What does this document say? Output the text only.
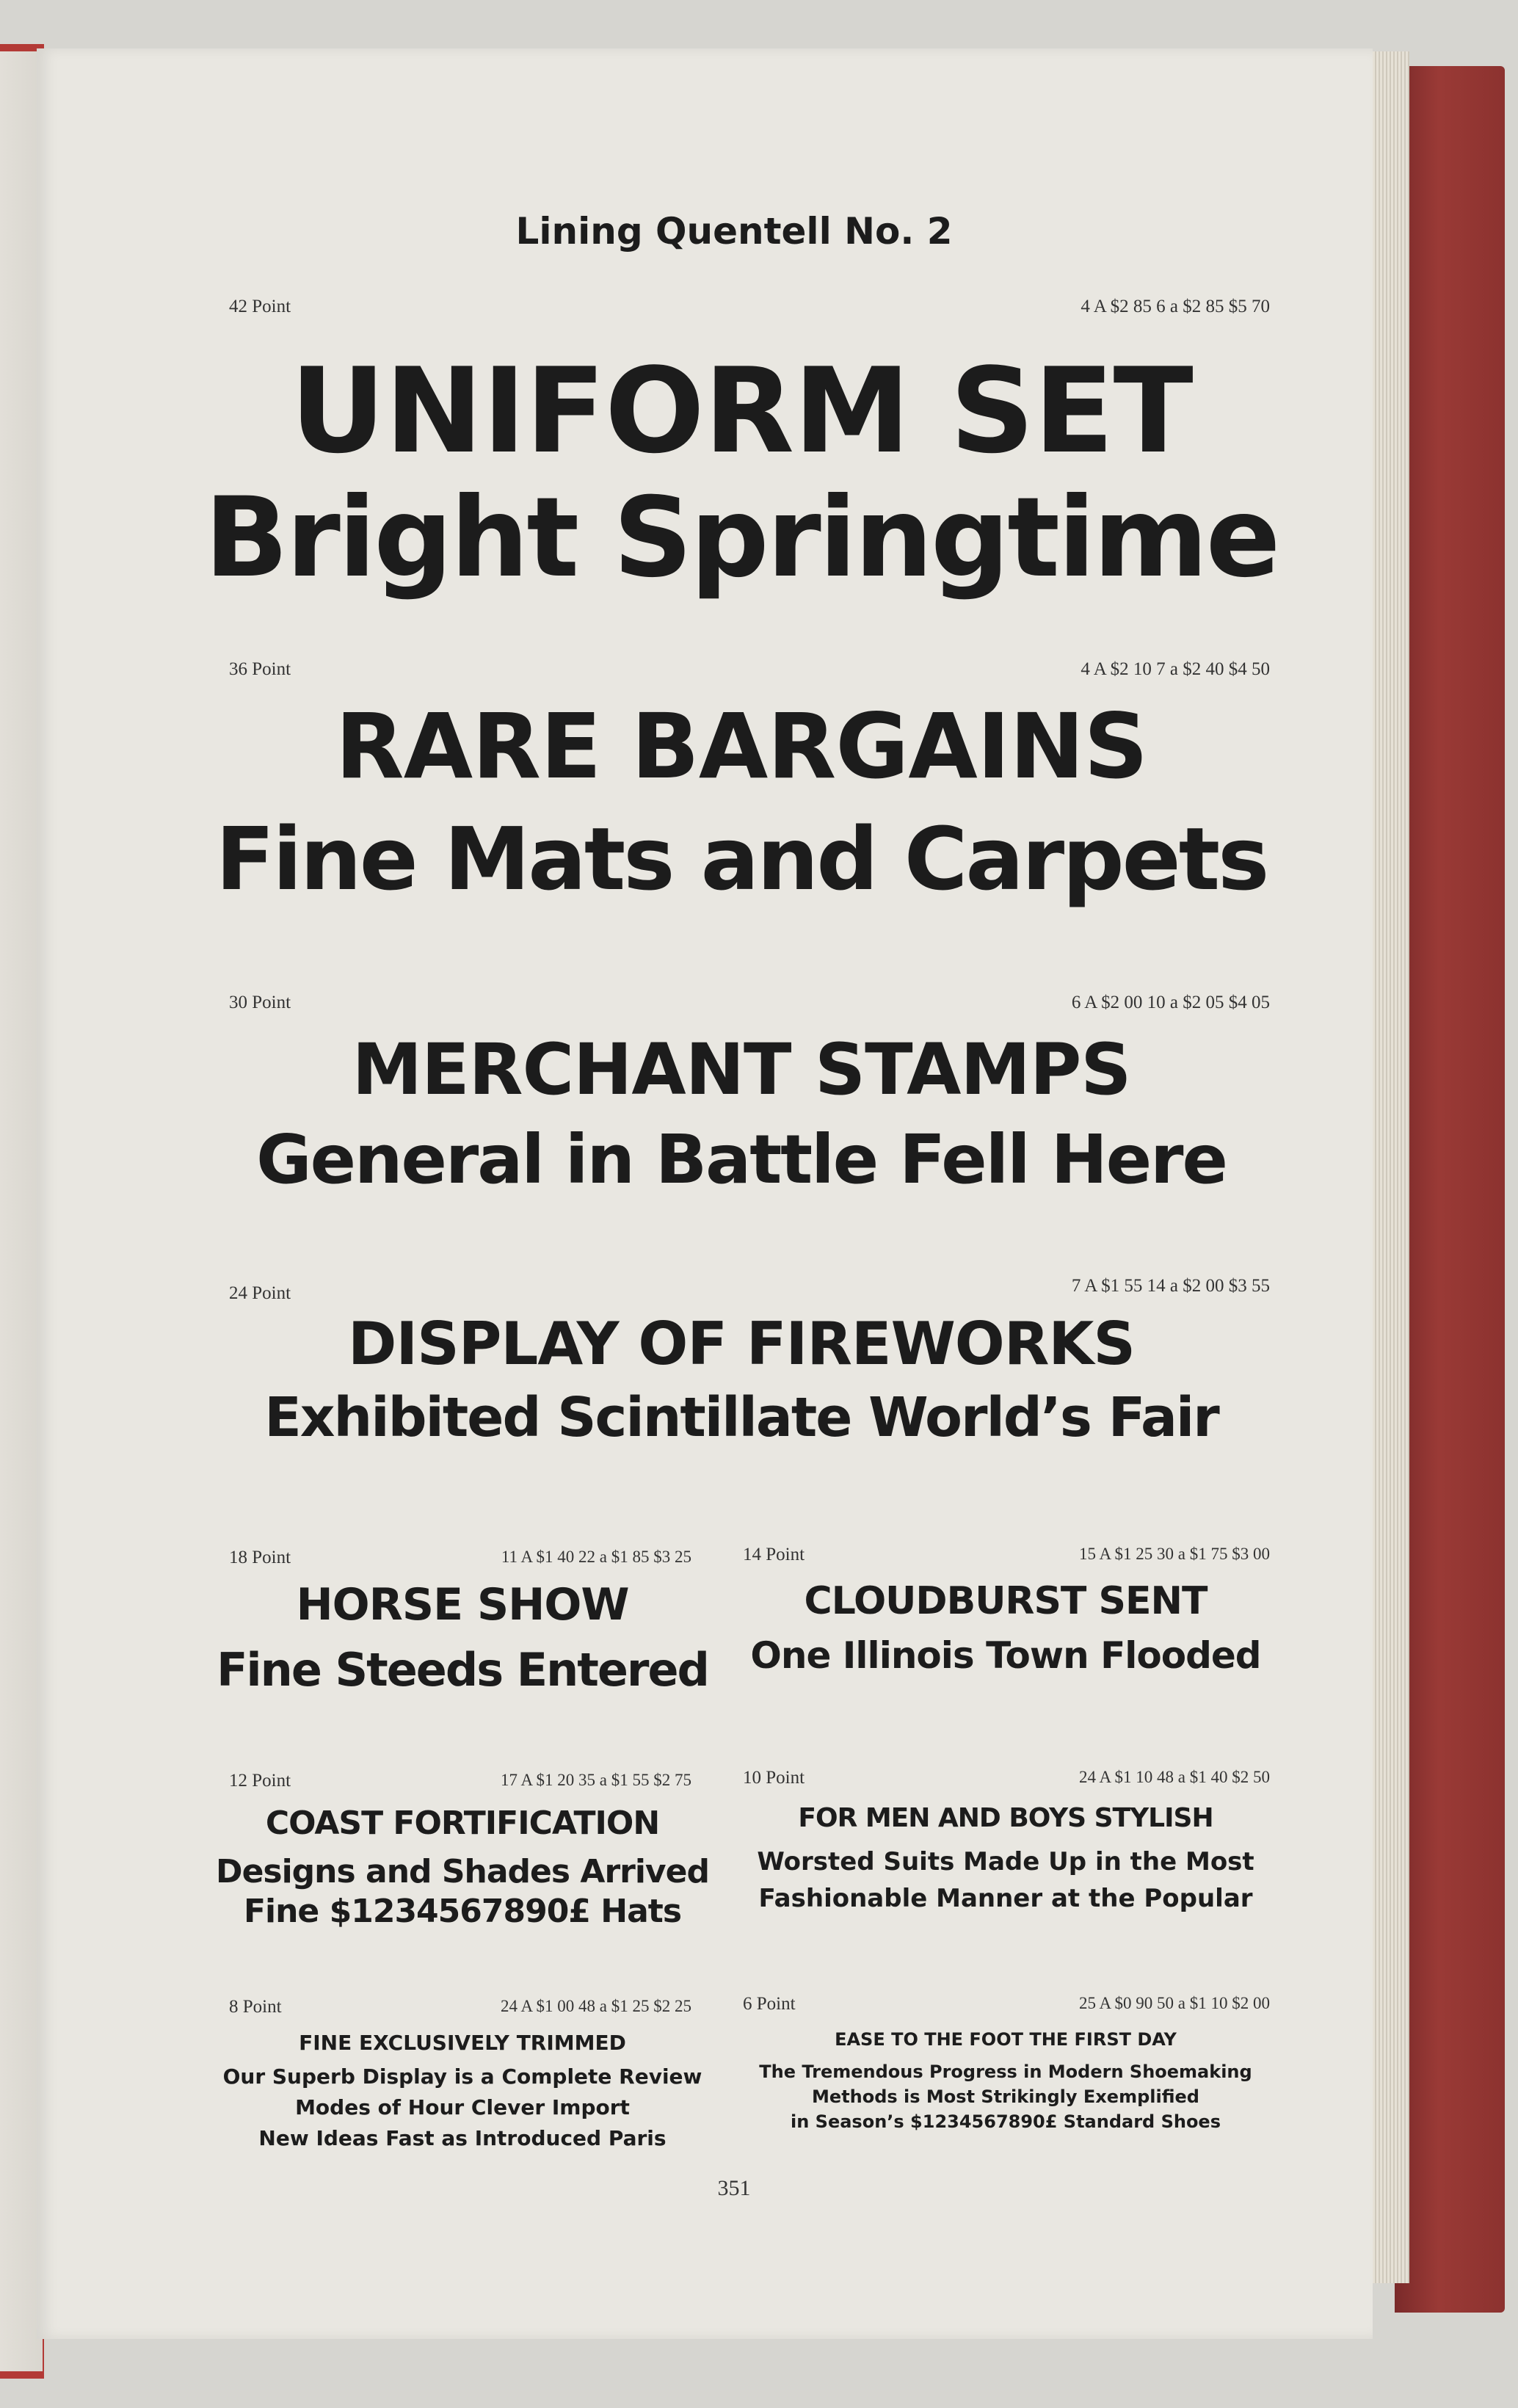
Lining Quentell No. 2
42 Point	4 A $2 85 6 a $2 85 $5 70
UNIFORM SET
Bright Springtime
36 Point	4 A $2 10 7 a $2 40 $4 50
RARE BARGAINS
Fine Mats and Carpets
30 Point	6 A $2 00 10 a $2 05 $4 05
MERCHANT STAMPS
General in Battle Fell Here
24 Point	7 A $1 55 14 a $2 00 $3 55
DISPLAY OF FIREWORKS
Exhibited Scintillate World’s Fair
18 Point	11 A $1 40 22 a $1 85 $3 25
HORSE SHOW
Fine Steeds Entered
12 Point	17 A $1 20 35 a $1 55 $2 75
COAST FORTIFICATION
Designs and Shades Arrived
Fine $1234567890£ Hats
8 Point	24 A $1 00 48 a $1 25 $2 25
FINE EXCLUSIVELY TRIMMED
Our Superb Display is a Complete Review
Modes of Hour Clever Import
New Ideas Fast as Introduced Paris
14 Point	15 A $1 25 30 a $1 75 $3 00
CLOUDBURST SENT
One Illinois Town Flooded
10 Point	24 A $1 10 48 a $1 40 $2 50
FOR MEN AND BOYS STYLISH
Worsted Suits Made Up in the Most
Fashionable Manner at the Popular
6 Point	25 A $0 90 50 a $1 10 $2 00
EASE TO THE FOOT THE FIRST DAY
The Tremendous Progress in Modern Shoemaking
Methods is Most Strikingly Exemplified
in Season’s $1234567890£ Standard Shoes
351
